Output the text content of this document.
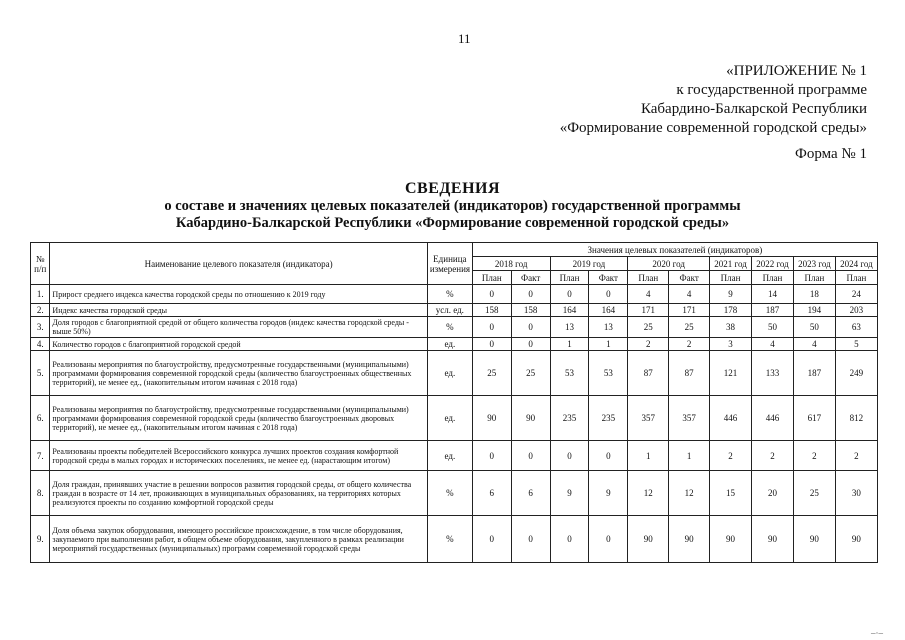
11
«ПРИЛОЖЕНИЕ № 1
к государственной программе
Кабардино-Балкарской Республики
«Формирование современной городской среды»
Форма № 1
СВЕДЕНИЯ
о составе и значениях целевых показателей (индикаторов) государственной программы
Кабардино-Балкарской Республики «Формирование современной городской среды»
№ п/п	Наименование целевого показателя (индикатора)	Единица измерения	Значения целевых показателей (индикаторов)									
			2018 год		2019 год		2020 год		2021 год	2022 год	2023 год	2024 год
			План	Факт	План	Факт	План	Факт	План	План	План	План
1.	Прирост среднего индекса качества городской среды по отношению к 2019 году	%	0	0	0	0	4	4	9	14	18	24
2.	Индекс качества городской среды	усл. ед.	158	158	164	164	171	171	178	187	194	203
3.	Доля городов с благоприятной средой от общего количества городов (индекс качества городской среды - выше 50%)	%	0	0	13	13	25	25	38	50	50	63
4.	Количество городов с благоприятной городской средой	ед.	0	0	1	1	2	2	3	4	4	5
5.	Реализованы мероприятия по благоустройству, предусмотренные государственными (муниципальными) программами формирования современной городской среды (количество благоустроенных общественных территорий), не менее ед., (накопительным итогом начиная с 2018 года)	ед.	25	25	53	53	87	87	121	133	187	249
6.	Реализованы мероприятия по благоустройству, предусмотренные государственными (муниципальными) программами формирования современной городской среды (количество благоустроенных дворовых территорий), не менее ед., (накопительным итогом начиная с 2018 года)	ед.	90	90	235	235	357	357	446	446	617	812
7.	Реализованы проекты победителей Всероссийского конкурса лучших проектов создания комфортной городской среды в малых городах и исторических поселениях, не менее ед. (нарастающим итогом)	ед.	0	0	0	0	1	1	2	2	2	2
8.	Доля граждан, принявших участие в решении вопросов развития городской среды, от общего количества граждан в возрасте от 14 лет, проживающих в муниципальных образованиях, на территориях которых реализуются проекты по созданию комфортной городской среды	%	6	6	9	9	12	12	15	20	25	30
9.	Доля объема закупок оборудования, имеющего российское происхождение, в том числе оборудования, закупаемого при выполнении работ, в общем объеме оборудования, закупленного в рамках реализации мероприятий государственных (муниципальных) программ современной городской среды	%	0	0	0	0	90	90	90	90	90	90
–·–
